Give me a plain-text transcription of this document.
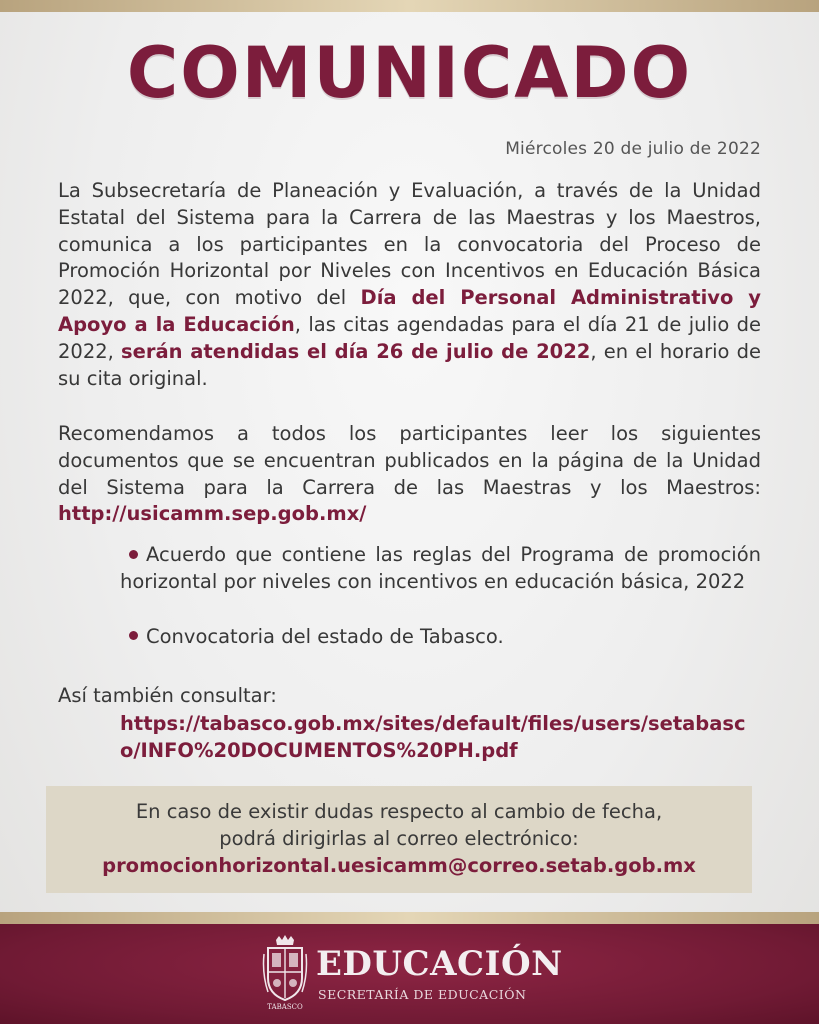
COMUNICADO
Miércoles 20 de julio de 2022
La Subsecretaría de Planeación y Evaluación, a través de la Unidad Estatal del Sistema para la Carrera de las Maestras y los Maestros, comunica a los participantes en la convocatoria del Proceso de Promoción Horizontal por Niveles con Incentivos en Educación Básica 2022, que, con motivo del Día del Personal Administrativo y Apoyo a la Educación, las citas agendadas para el día 21 de julio de 2022, serán atendidas el día 26 de julio de 2022, en el horario de su cita original.
Recomendamos a todos los participantes leer los siguientes documentos que se encuentran publicados en la página de la Unidad del Sistema para la Carrera de las Maestras y los Maestros: http://usicamm.sep.gob.mx/
Acuerdo que contiene las reglas del Programa de promoción horizontal por niveles con incentivos en educación básica, 2022
Convocatoria del estado de Tabasco.
Así también consultar:
https://tabasco.gob.mx/sites/default/files/users/setabasco/INFO%20DOCUMENTOS%20PH.pdf
En caso de existir dudas respecto al cambio de fecha,
podrá dirigirlas al correo electrónico:
promocionhorizontal.uesicamm@correo.setab.gob.mx
TABASCO
EDUCACIÓN
SECRETARÍA DE EDUCACIÓN
